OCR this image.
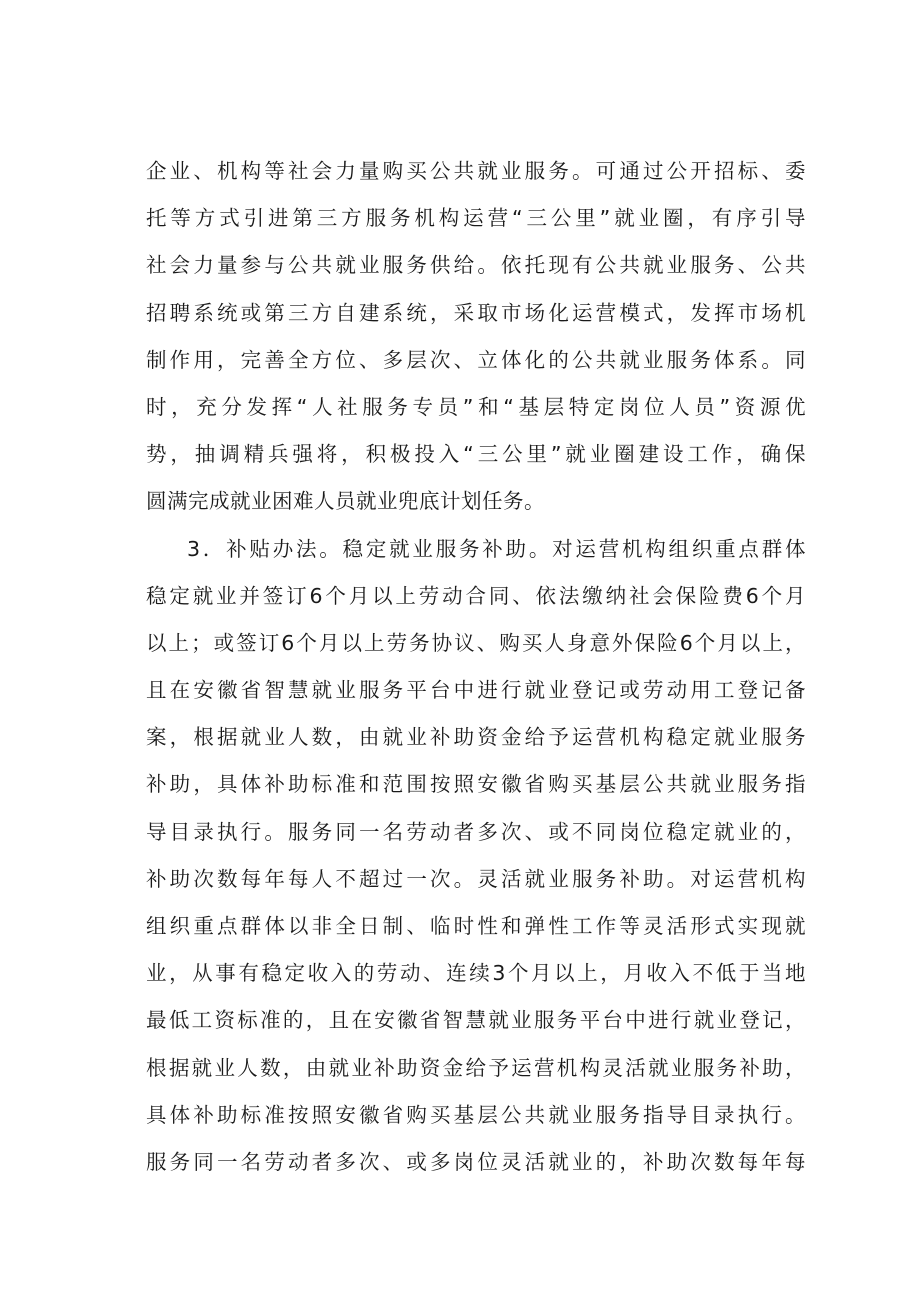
企业、机构等社会力量购买公共就业服务。可通过公开招标、委
托等方式引进第三方服务机构运营“三公里”就业圈，有序引导
社会力量参与公共就业服务供给。依托现有公共就业服务、公共
招聘系统或第三方自建系统，采取市场化运营模式，发挥市场机
制作用，完善全方位、多层次、立体化的公共就业服务体系。同
时，充分发挥“人社服务专员”和“基层特定岗位人员”资源优
势，抽调精兵强将，积极投入“三公里”就业圈建设工作，确保
圆满完成就业困难人员就业兜底计划任务。
3．补贴办法。稳定就业服务补助。对运营机构组织重点群体
稳定就业并签订6个月以上劳动合同、依法缴纳社会保险费6个月
以上；或签订6个月以上劳务协议、购买人身意外保险6个月以上，
且在安徽省智慧就业服务平台中进行就业登记或劳动用工登记备
案，根据就业人数，由就业补助资金给予运营机构稳定就业服务
补助，具体补助标准和范围按照安徽省购买基层公共就业服务指
导目录执行。服务同一名劳动者多次、或不同岗位稳定就业的，
补助次数每年每人不超过一次。灵活就业服务补助。对运营机构
组织重点群体以非全日制、临时性和弹性工作等灵活形式实现就
业，从事有稳定收入的劳动、连续3个月以上，月收入不低于当地
最低工资标准的，且在安徽省智慧就业服务平台中进行就业登记，
根据就业人数，由就业补助资金给予运营机构灵活就业服务补助，
具体补助标准按照安徽省购买基层公共就业服务指导目录执行。
服务同一名劳动者多次、或多岗位灵活就业的，补助次数每年每
